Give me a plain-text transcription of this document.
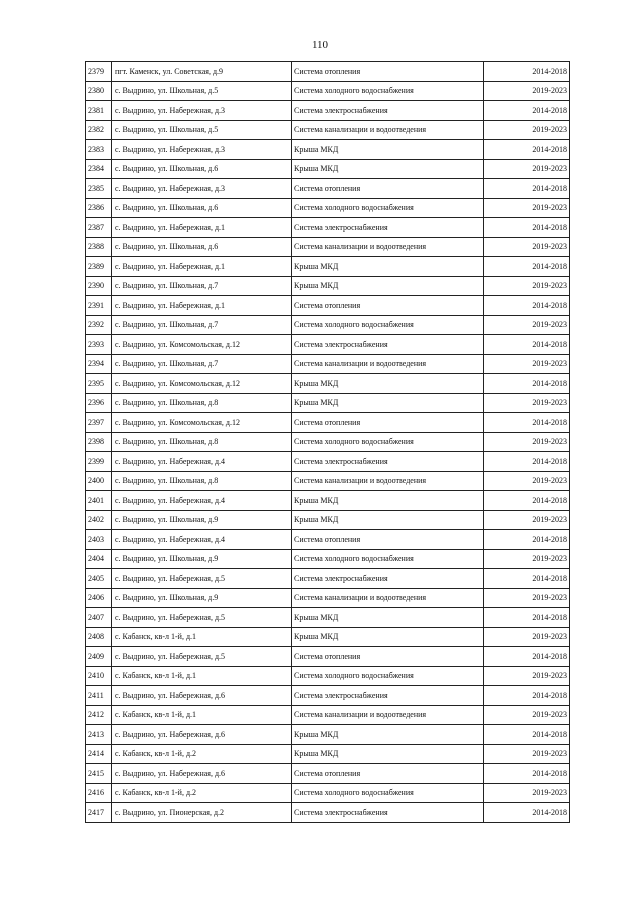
110
2379	пгт. Каменск, ул. Советская, д.9	Система отопления	2014-2018
2380	с. Выдрино, ул. Школьная, д.5	Система холодного водоснабжения	2019-2023
2381	с. Выдрино, ул. Набережная, д.3	Система электроснабжения	2014-2018
2382	с. Выдрино, ул. Школьная, д.5	Система канализации и водоотведения	2019-2023
2383	с. Выдрино, ул. Набережная, д.3	Крыша МКД	2014-2018
2384	с. Выдрино, ул. Школьная, д.6	Крыша МКД	2019-2023
2385	с. Выдрино, ул. Набережная, д.3	Система отопления	2014-2018
2386	с. Выдрино, ул. Школьная, д.6	Система холодного водоснабжения	2019-2023
2387	с. Выдрино, ул. Набережная, д.1	Система электроснабжения	2014-2018
2388	с. Выдрино, ул. Школьная, д.6	Система канализации и водоотведения	2019-2023
2389	с. Выдрино, ул. Набережная, д.1	Крыша МКД	2014-2018
2390	с. Выдрино, ул. Школьная, д.7	Крыша МКД	2019-2023
2391	с. Выдрино, ул. Набережная, д.1	Система отопления	2014-2018
2392	с. Выдрино, ул. Школьная, д.7	Система холодного водоснабжения	2019-2023
2393	с. Выдрино, ул. Комсомольская, д.12	Система электроснабжения	2014-2018
2394	с. Выдрино, ул. Школьная, д.7	Система канализации и водоотведения	2019-2023
2395	с. Выдрино, ул. Комсомольская, д.12	Крыша МКД	2014-2018
2396	с. Выдрино, ул. Школьная, д.8	Крыша МКД	2019-2023
2397	с. Выдрино, ул. Комсомольская, д.12	Система отопления	2014-2018
2398	с. Выдрино, ул. Школьная, д.8	Система холодного водоснабжения	2019-2023
2399	с. Выдрино, ул. Набережная, д.4	Система электроснабжения	2014-2018
2400	с. Выдрино, ул. Школьная, д.8	Система канализации и водоотведения	2019-2023
2401	с. Выдрино, ул. Набережная, д.4	Крыша МКД	2014-2018
2402	с. Выдрино, ул. Школьная, д.9	Крыша МКД	2019-2023
2403	с. Выдрино, ул. Набережная, д.4	Система отопления	2014-2018
2404	с. Выдрино, ул. Школьная, д.9	Система холодного водоснабжения	2019-2023
2405	с. Выдрино, ул. Набережная, д.5	Система электроснабжения	2014-2018
2406	с. Выдрино, ул. Школьная, д.9	Система канализации и водоотведения	2019-2023
2407	с. Выдрино, ул. Набережная, д.5	Крыша МКД	2014-2018
2408	с. Кабанск, кв-л 1-й, д.1	Крыша МКД	2019-2023
2409	с. Выдрино, ул. Набережная, д.5	Система отопления	2014-2018
2410	с. Кабанск, кв-л 1-й, д.1	Система холодного водоснабжения	2019-2023
2411	с. Выдрино, ул. Набережная, д.6	Система электроснабжения	2014-2018
2412	с. Кабанск, кв-л 1-й, д.1	Система канализации и водоотведения	2019-2023
2413	с. Выдрино, ул. Набережная, д.6	Крыша МКД	2014-2018
2414	с. Кабанск, кв-л 1-й, д.2	Крыша МКД	2019-2023
2415	с. Выдрино, ул. Набережная, д.6	Система отопления	2014-2018
2416	с. Кабанск, кв-л 1-й, д.2	Система холодного водоснабжения	2019-2023
2417	с. Выдрино, ул. Пионерская, д.2	Система электроснабжения	2014-2018
